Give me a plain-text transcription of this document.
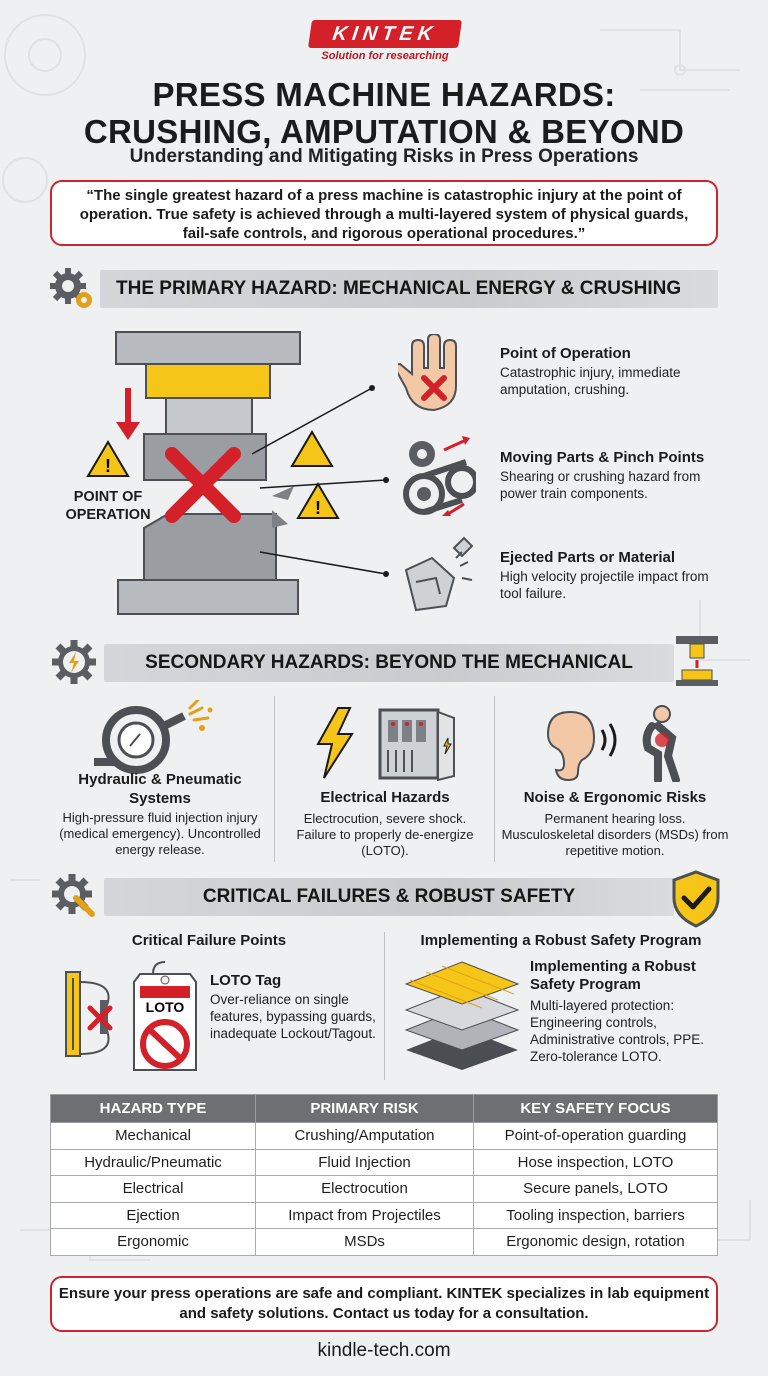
KINTEK
Solution for researching
PRESS MACHINE HAZARDS:
CRUSHING, AMPUTATION & BEYOND
Understanding and Mitigating Risks in Press Operations
“The single greatest hazard of a press machine is catastrophic injury at the point of operation. True safety is achieved through a multi-layered system of physical guards, fail-safe controls, and rigorous operational procedures.”
THE PRIMARY HAZARD: MECHANICAL ENERGY & CRUSHING
!
!
POINT OF OPERATION
Point of Operation
Catastrophic injury, immediate amputation, crushing.
Moving Parts & Pinch Points
Shearing or crushing hazard from power train components.
Ejected Parts or Material
High velocity projectile impact from tool failure.
SECONDARY HAZARDS: BEYOND THE MECHANICAL
Hydraulic & Pneumatic Systems
High-pressure fluid injection injury (medical emergency). Uncontrolled energy release.
Electrical Hazards
Electrocution, severe shock. Failure to properly de-energize (LOTO).
Noise & Ergonomic Risks
Permanent hearing loss. Musculoskeletal disorders (MSDs) from repetitive motion.
CRITICAL FAILURES & ROBUST SAFETY
Critical Failure Points
LOTO
LOTO Tag
Over-reliance on single features, bypassing guards, inadequate Lockout/Tagout.
Implementing a Robust Safety Program
Implementing a Robust Safety Program
Multi-layered protection: Engineering controls, Administrative controls, PPE. Zero-tolerance LOTO.
HAZARD TYPE	PRIMARY RISK	KEY SAFETY FOCUS
Mechanical	Crushing/Amputation	Point-of-operation guarding
Hydraulic/Pneumatic	Fluid Injection	Hose inspection, LOTO
Electrical	Electrocution	Secure panels, LOTO
Ejection	Impact from Projectiles	Tooling inspection, barriers
Ergonomic	MSDs	Ergonomic design, rotation
Ensure your press operations are safe and compliant. KINTEK specializes in lab equipment and safety solutions. Contact us today for a consultation.
kindle-tech.com
